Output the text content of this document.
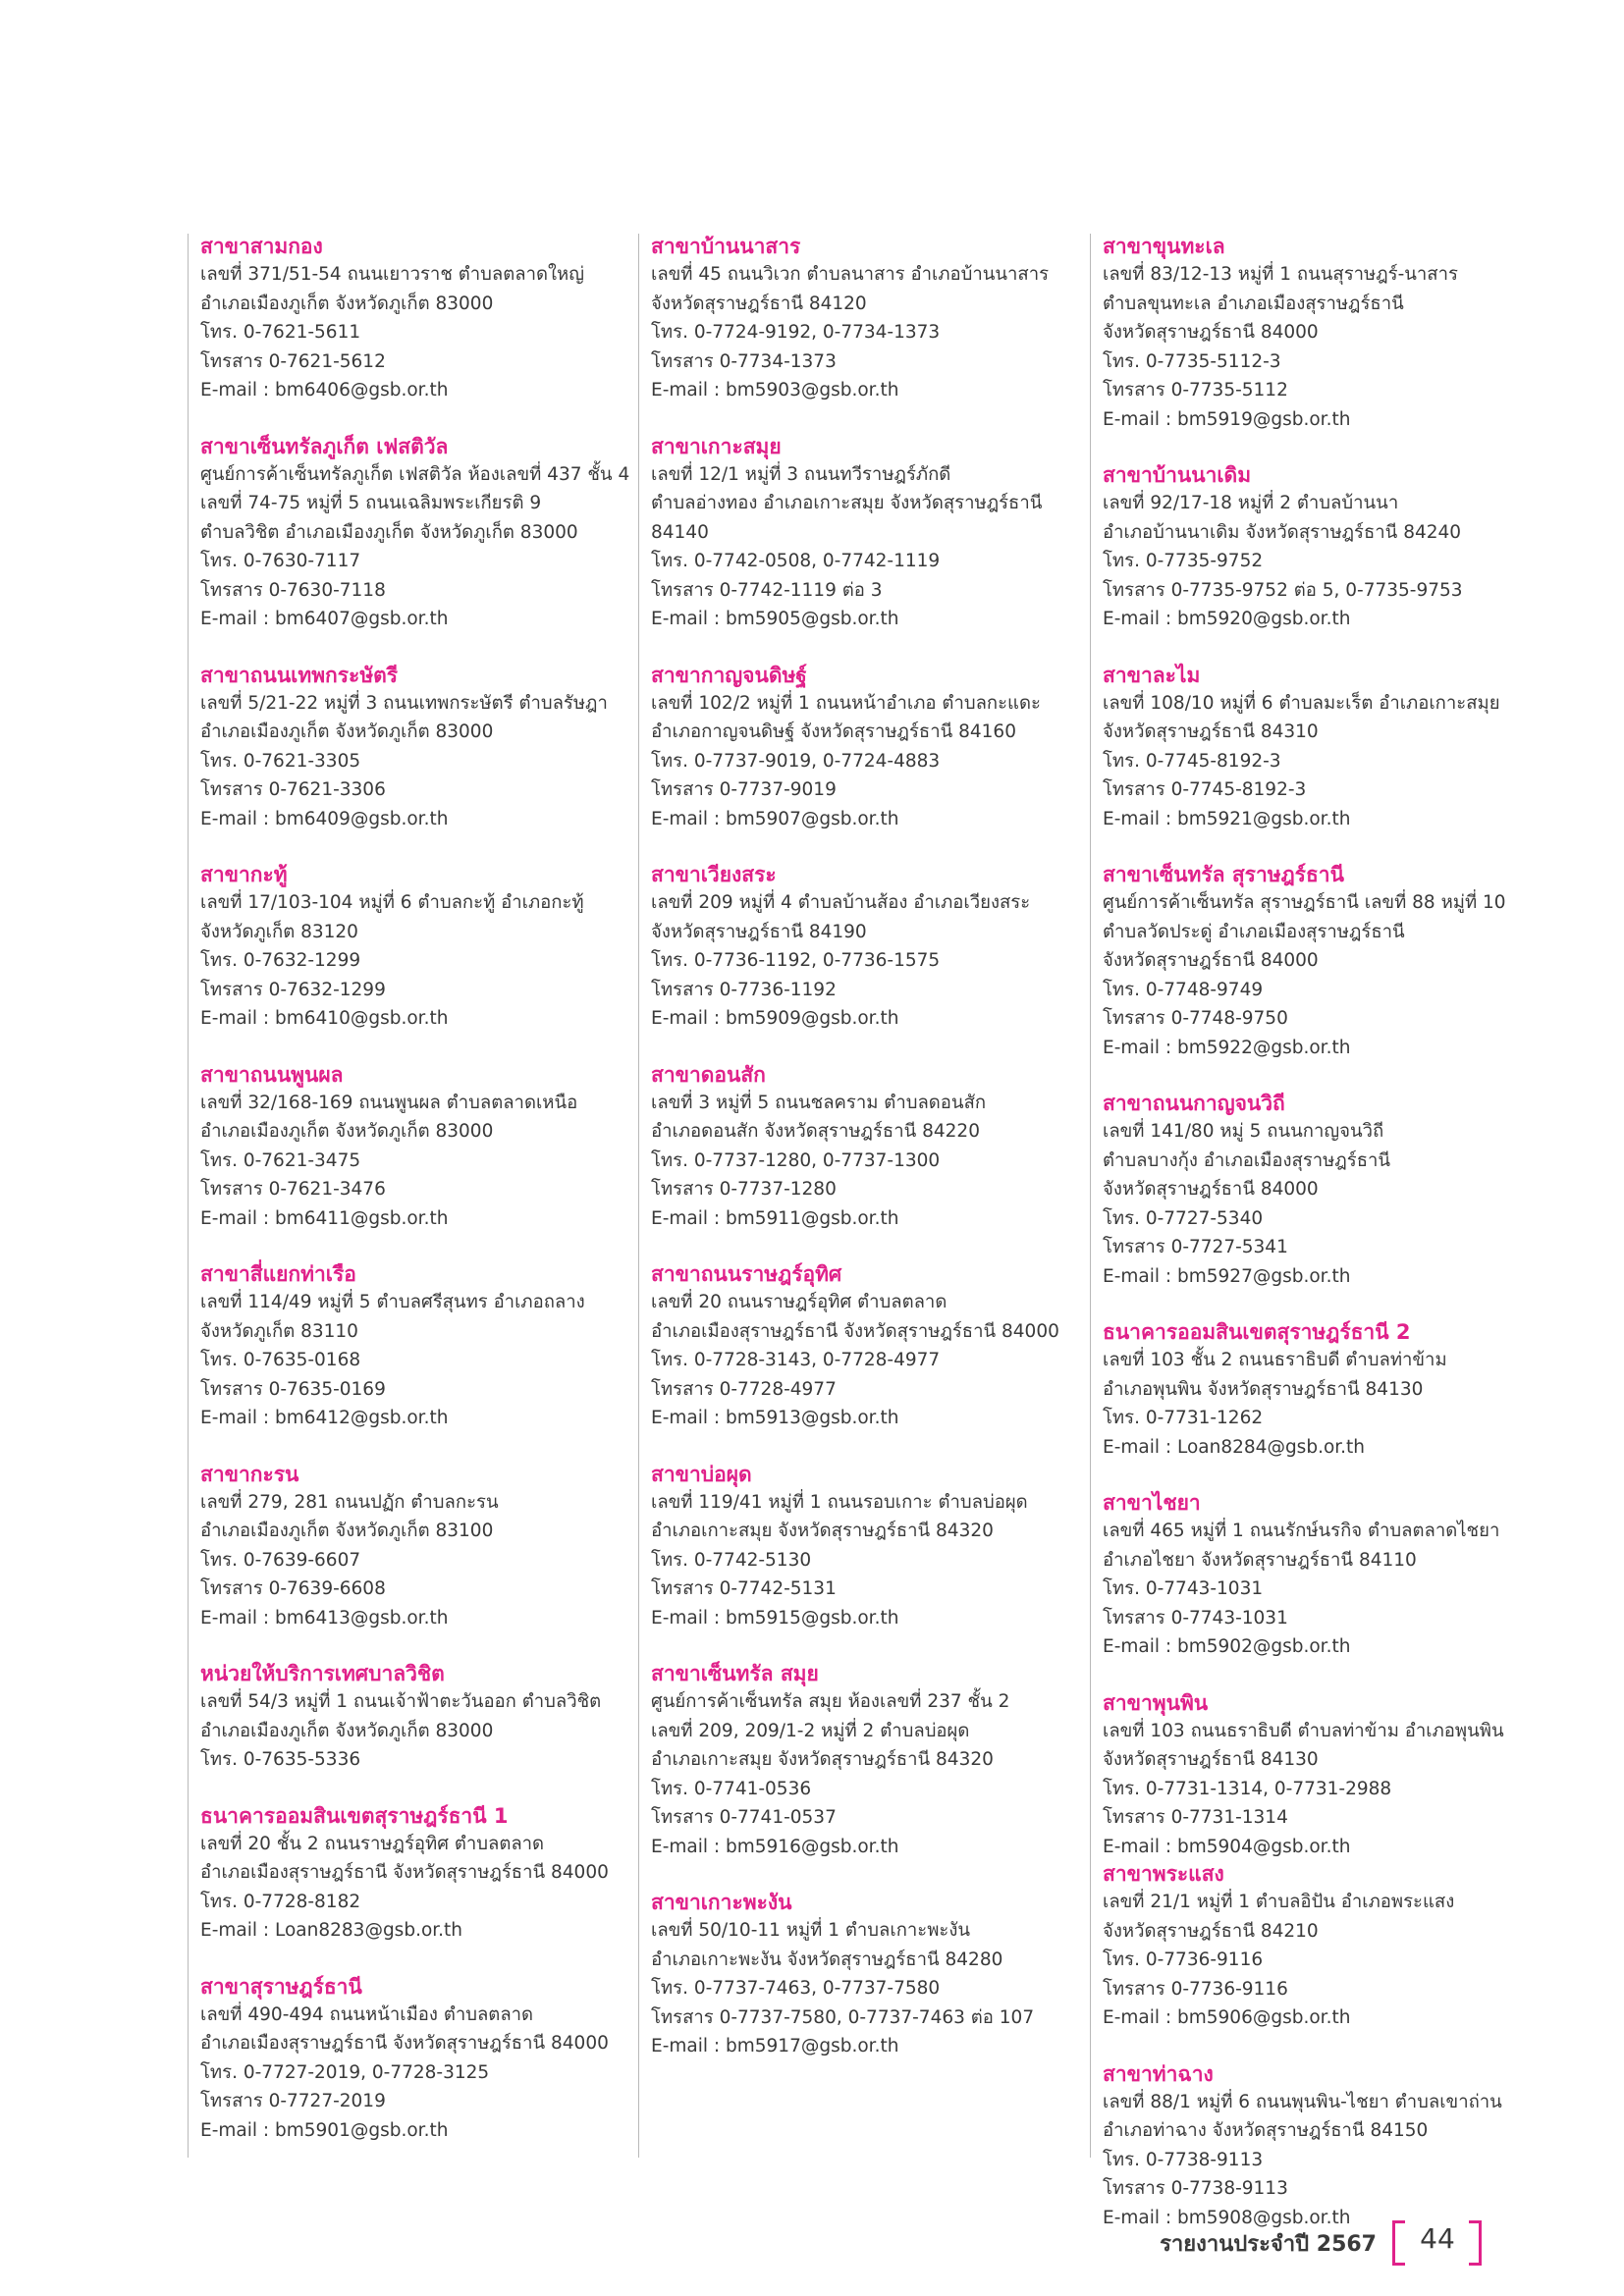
สาขาสามกอง
เลขที่ 371/51-54 ถนนเยาวราช ตำบลตลาดใหญ่
อำเภอเมืองภูเก็ต จังหวัดภูเก็ต 83000
โทร. 0-7621-5611
โทรสาร 0-7621-5612
E-mail : bm6406@gsb.or.th
สาขาเซ็นทรัลภูเก็ต เฟสติวัล
ศูนย์การค้าเซ็นทรัลภูเก็ต เฟสติวัล ห้องเลขที่ 437 ชั้น 4
เลขที่ 74-75 หมู่ที่ 5 ถนนเฉลิมพระเกียรติ 9
ตำบลวิชิต อำเภอเมืองภูเก็ต จังหวัดภูเก็ต 83000
โทร. 0-7630-7117
โทรสาร 0-7630-7118
E-mail : bm6407@gsb.or.th
สาขาถนนเทพกระษัตรี
เลขที่ 5/21-22 หมู่ที่ 3 ถนนเทพกระษัตรี ตำบลรัษฎา
อำเภอเมืองภูเก็ต จังหวัดภูเก็ต 83000
โทร. 0-7621-3305
โทรสาร 0-7621-3306
E-mail : bm6409@gsb.or.th
สาขากะทู้
เลขที่ 17/103-104 หมู่ที่ 6 ตำบลกะทู้ อำเภอกะทู้
จังหวัดภูเก็ต 83120
โทร. 0-7632-1299
โทรสาร 0-7632-1299
E-mail : bm6410@gsb.or.th
สาขาถนนพูนผล
เลขที่ 32/168-169 ถนนพูนผล ตำบลตลาดเหนือ
อำเภอเมืองภูเก็ต จังหวัดภูเก็ต 83000
โทร. 0-7621-3475
โทรสาร 0-7621-3476
E-mail : bm6411@gsb.or.th
สาขาสี่แยกท่าเรือ
เลขที่ 114/49 หมู่ที่ 5 ตำบลศรีสุนทร อำเภอถลาง
จังหวัดภูเก็ต 83110
โทร. 0-7635-0168
โทรสาร 0-7635-0169
E-mail : bm6412@gsb.or.th
สาขากะรน
เลขที่ 279, 281 ถนนปฏัก ตำบลกะรน
อำเภอเมืองภูเก็ต จังหวัดภูเก็ต 83100
โทร. 0-7639-6607
โทรสาร 0-7639-6608
E-mail : bm6413@gsb.or.th
หน่วยให้บริการเทศบาลวิชิต
เลขที่ 54/3 หมู่ที่ 1 ถนนเจ้าฟ้าตะวันออก ตำบลวิชิต
อำเภอเมืองภูเก็ต จังหวัดภูเก็ต 83000
โทร. 0-7635-5336
ธนาคารออมสินเขตสุราษฎร์ธานี 1
เลขที่ 20 ชั้น 2 ถนนราษฎร์อุทิศ ตำบลตลาด
อำเภอเมืองสุราษฎร์ธานี จังหวัดสุราษฎร์ธานี 84000
โทร. 0-7728-8182
E-mail : Loan8283@gsb.or.th
สาขาสุราษฎร์ธานี
เลขที่ 490-494 ถนนหน้าเมือง ตำบลตลาด
อำเภอเมืองสุราษฎร์ธานี จังหวัดสุราษฎร์ธานี 84000
โทร. 0-7727-2019, 0-7728-3125
โทรสาร 0-7727-2019
E-mail : bm5901@gsb.or.th
สาขาบ้านนาสาร
เลขที่ 45 ถนนวิเวก ตำบลนาสาร อำเภอบ้านนาสาร
จังหวัดสุราษฎร์ธานี 84120
โทร. 0-7724-9192, 0-7734-1373
โทรสาร 0-7734-1373
E-mail : bm5903@gsb.or.th
สาขาเกาะสมุย
เลขที่ 12/1 หมู่ที่ 3 ถนนทวีราษฎร์ภักดี
ตำบลอ่างทอง อำเภอเกาะสมุย จังหวัดสุราษฎร์ธานี
84140
โทร. 0-7742-0508, 0-7742-1119
โทรสาร 0-7742-1119 ต่อ 3
E-mail : bm5905@gsb.or.th
สาขากาญจนดิษฐ์
เลขที่ 102/2 หมู่ที่ 1 ถนนหน้าอำเภอ ตำบลกะแดะ
อำเภอกาญจนดิษฐ์ จังหวัดสุราษฎร์ธานี 84160
โทร. 0-7737-9019, 0-7724-4883
โทรสาร 0-7737-9019
E-mail : bm5907@gsb.or.th
สาขาเวียงสระ
เลขที่ 209 หมู่ที่ 4 ตำบลบ้านส้อง อำเภอเวียงสระ
จังหวัดสุราษฎร์ธานี 84190
โทร. 0-7736-1192, 0-7736-1575
โทรสาร 0-7736-1192
E-mail : bm5909@gsb.or.th
สาขาดอนสัก
เลขที่ 3 หมู่ที่ 5 ถนนชลคราม ตำบลดอนสัก
อำเภอดอนสัก จังหวัดสุราษฎร์ธานี 84220
โทร. 0-7737-1280, 0-7737-1300
โทรสาร 0-7737-1280
E-mail : bm5911@gsb.or.th
สาขาถนนราษฎร์อุทิศ
เลขที่ 20 ถนนราษฎร์อุทิศ ตำบลตลาด
อำเภอเมืองสุราษฎร์ธานี จังหวัดสุราษฎร์ธานี 84000
โทร. 0-7728-3143, 0-7728-4977
โทรสาร 0-7728-4977
E-mail : bm5913@gsb.or.th
สาขาบ่อผุด
เลขที่ 119/41 หมู่ที่ 1 ถนนรอบเกาะ ตำบลบ่อผุด
อำเภอเกาะสมุย จังหวัดสุราษฎร์ธานี 84320
โทร. 0-7742-5130
โทรสาร 0-7742-5131
E-mail : bm5915@gsb.or.th
สาขาเซ็นทรัล สมุย
ศูนย์การค้าเซ็นทรัล สมุย ห้องเลขที่ 237 ชั้น 2
เลขที่ 209, 209/1-2 หมู่ที่ 2 ตำบลบ่อผุด
อำเภอเกาะสมุย จังหวัดสุราษฎร์ธานี 84320
โทร. 0-7741-0536
โทรสาร 0-7741-0537
E-mail : bm5916@gsb.or.th
สาขาเกาะพะงัน
เลขที่ 50/10-11 หมู่ที่ 1 ตำบลเกาะพะงัน
อำเภอเกาะพะงัน จังหวัดสุราษฎร์ธานี 84280
โทร. 0-7737-7463, 0-7737-7580
โทรสาร 0-7737-7580, 0-7737-7463 ต่อ 107
E-mail : bm5917@gsb.or.th
สาขาขุนทะเล
เลขที่ 83/12-13 หมู่ที่ 1 ถนนสุราษฎร์-นาสาร
ตำบลขุนทะเล อำเภอเมืองสุราษฎร์ธานี
จังหวัดสุราษฎร์ธานี 84000
โทร. 0-7735-5112-3
โทรสาร 0-7735-5112
E-mail : bm5919@gsb.or.th
สาขาบ้านนาเดิม
เลขที่ 92/17-18 หมู่ที่ 2 ตำบลบ้านนา
อำเภอบ้านนาเดิม จังหวัดสุราษฎร์ธานี 84240
โทร. 0-7735-9752
โทรสาร 0-7735-9752 ต่อ 5, 0-7735-9753
E-mail : bm5920@gsb.or.th
สาขาละไม
เลขที่ 108/10 หมู่ที่ 6 ตำบลมะเร็ต อำเภอเกาะสมุย
จังหวัดสุราษฎร์ธานี 84310
โทร. 0-7745-8192-3
โทรสาร 0-7745-8192-3
E-mail : bm5921@gsb.or.th
สาขาเซ็นทรัล สุราษฎร์ธานี
ศูนย์การค้าเซ็นทรัล สุราษฎร์ธานี เลขที่ 88 หมู่ที่ 10
ตำบลวัดประดู่ อำเภอเมืองสุราษฎร์ธานี
จังหวัดสุราษฎร์ธานี 84000
โทร. 0-7748-9749
โทรสาร 0-7748-9750
E-mail : bm5922@gsb.or.th
สาขาถนนกาญจนวิถี
เลขที่ 141/80 หมู่ 5 ถนนกาญจนวิถี
ตำบลบางกุ้ง อำเภอเมืองสุราษฎร์ธานี
จังหวัดสุราษฎร์ธานี 84000
โทร. 0-7727-5340
โทรสาร 0-7727-5341
E-mail : bm5927@gsb.or.th
ธนาคารออมสินเขตสุราษฎร์ธานี 2
เลขที่ 103 ชั้น 2 ถนนธราธิบดี ตำบลท่าข้าม
อำเภอพุนพิน จังหวัดสุราษฎร์ธานี 84130
โทร. 0-7731-1262
E-mail : Loan8284@gsb.or.th
สาขาไชยา
เลขที่ 465 หมู่ที่ 1 ถนนรักษ์นรกิจ ตำบลตลาดไชยา
อำเภอไชยา จังหวัดสุราษฎร์ธานี 84110
โทร. 0-7743-1031
โทรสาร 0-7743-1031
E-mail : bm5902@gsb.or.th
สาขาพุนพิน
เลขที่ 103 ถนนธราธิบดี ตำบลท่าข้าม อำเภอพุนพิน
จังหวัดสุราษฎร์ธานี 84130
โทร. 0-7731-1314, 0-7731-2988
โทรสาร 0-7731-1314
E-mail : bm5904@gsb.or.th
สาขาพระแสง
เลขที่ 21/1 หมู่ที่ 1 ตำบลอิปัน อำเภอพระแสง
จังหวัดสุราษฎร์ธานี 84210
โทร. 0-7736-9116
โทรสาร 0-7736-9116
E-mail : bm5906@gsb.or.th
สาขาท่าฉาง
เลขที่ 88/1 หมู่ที่ 6 ถนนพุนพิน-ไชยา ตำบลเขาถ่าน
อำเภอท่าฉาง จังหวัดสุราษฎร์ธานี 84150
โทร. 0-7738-9113
โทรสาร 0-7738-9113
E-mail : bm5908@gsb.or.th
รายงานประจำปี 2567	44
